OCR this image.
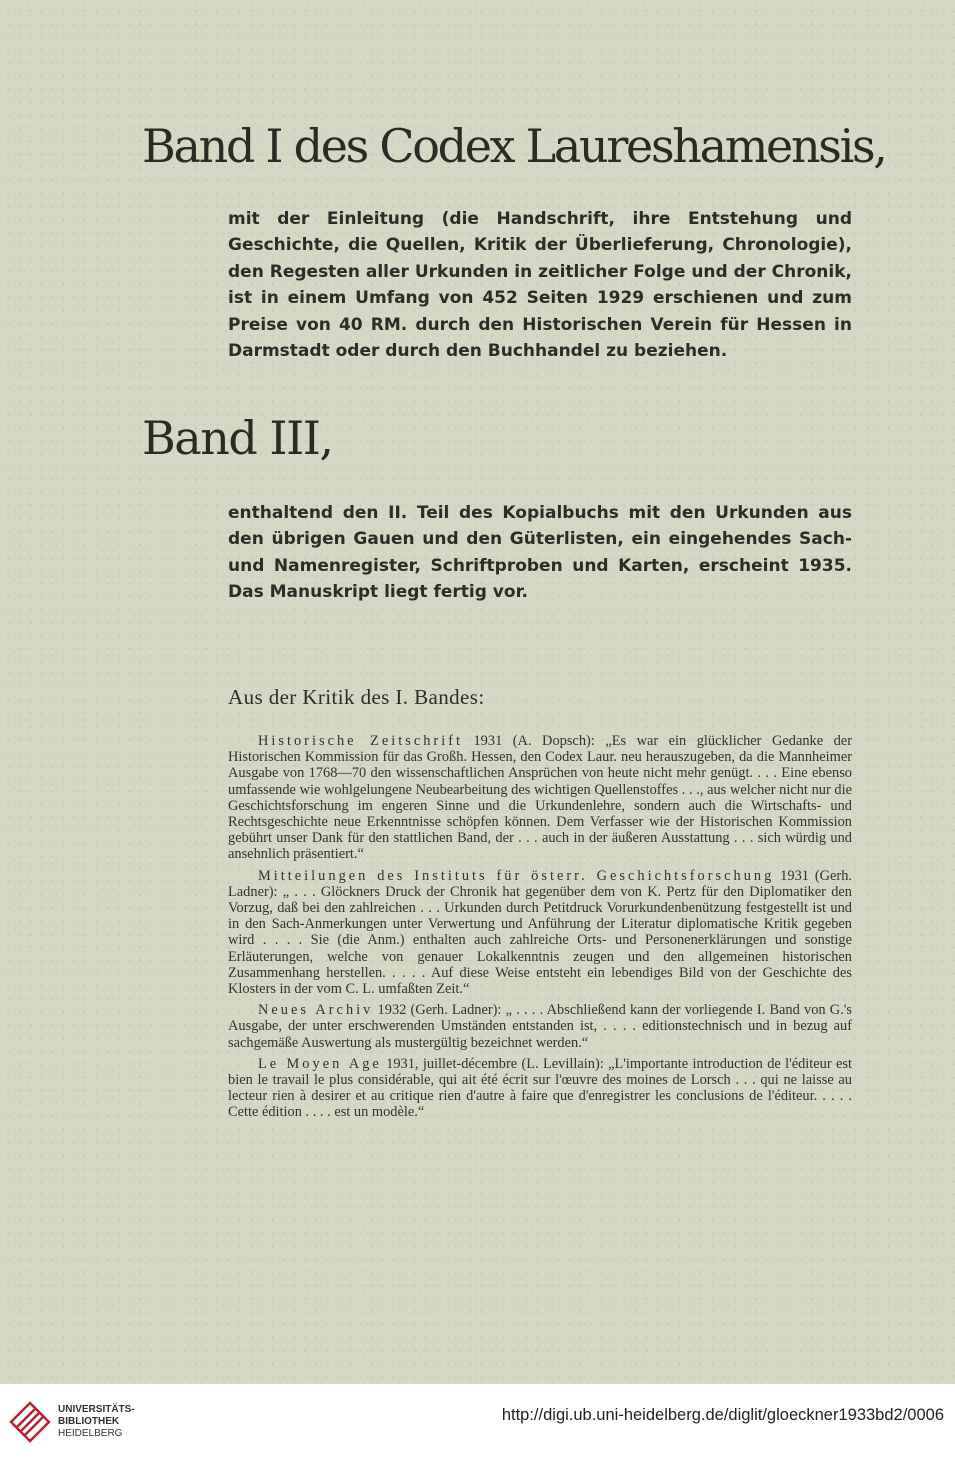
Band I des Codex Laureshamensis,

mit der Einleitung (die Handschrift, ihre Entstehung und Geschichte, die Quellen, Kritik der Überlieferung, Chronologie), den Regesten aller Urkunden in zeitlicher Folge und der Chronik, ist in einem Umfang von 452 Seiten 1929 erschienen und zum Preise von 40 RM. durch den Historischen Verein für Hessen in Darmstadt oder durch den Buchhandel zu beziehen.

Band III,

enthaltend den II. Teil des Kopialbuchs mit den Urkunden aus den übrigen Gauen und den Güterlisten, ein eingehendes Sach- und Namenregister, Schriftproben und Karten, erscheint 1935. Das Manuskript liegt fertig vor.

Aus der Kritik des I. Bandes:

Historische Zeitschrift 1931 (A. Dopsch): „Es war ein glücklicher Gedanke der Historischen Kommission für das Großh. Hessen, den Codex Laur. neu herauszugeben, da die Mannheimer Ausgabe von 1768—70 den wissenschaftlichen Ansprüchen von heute nicht mehr genügt. . . . Eine ebenso umfassende wie wohlgelungene Neubearbeitung des wichtigen Quellenstoffes . . ., aus welcher nicht nur die Geschichtsforschung im engeren Sinne und die Urkundenlehre, sondern auch die Wirtschafts- und Rechtsgeschichte neue Erkenntnisse schöpfen können. Dem Verfasser wie der Historischen Kommission gebührt unser Dank für den stattlichen Band, der . . . auch in der äußeren Ausstattung . . . sich würdig und ansehnlich präsentiert.“

Mitteilungen des Instituts für österr. Geschichtsforschung 1931 (Gerh. Ladner): „ . . . Glöckners Druck der Chronik hat gegenüber dem von K. Pertz für den Diplomatiker den Vorzug, daß bei den zahlreichen . . . Urkunden durch Petitdruck Vorurkundenbenützung festgestellt ist und in den Sach-Anmerkungen unter Verwertung und Anführung der Literatur diplomatische Kritik gegeben wird . . . . Sie (die Anm.) enthalten auch zahlreiche Orts- und Personenerklärungen und sonstige Erläuterungen, welche von genauer Lokalkenntnis zeugen und den allgemeinen historischen Zusammenhang herstellen. . . . . Auf diese Weise entsteht ein lebendiges Bild von der Geschichte des Klosters in der vom C. L. umfaßten Zeit.“

Neues Archiv 1932 (Gerh. Ladner): „ . . . . Abschließend kann der vorliegende I. Band von G.'s Ausgabe, der unter erschwerenden Umständen entstanden ist, . . . . editionstechnisch und in bezug auf sachgemäße Auswertung als mustergültig bezeichnet werden.“

Le Moyen Age 1931, juillet-décembre (L. Levillain): „L'importante introduction de l'éditeur est bien le travail le plus considérable, qui ait été écrit sur l'œuvre des moines de Lorsch . . . qui ne laisse au lecteur rien à desirer et au critique rien d'autre à faire que d'enregistrer les conclusions de l'éditeur. . . . . Cette édition . . . . est un modèle.“

UNIVERSITÄTS-
BIBLIOTHEK
HEIDELBERG

http://digi.ub.uni-heidelberg.de/diglit/gloeckner1933bd2/0006
